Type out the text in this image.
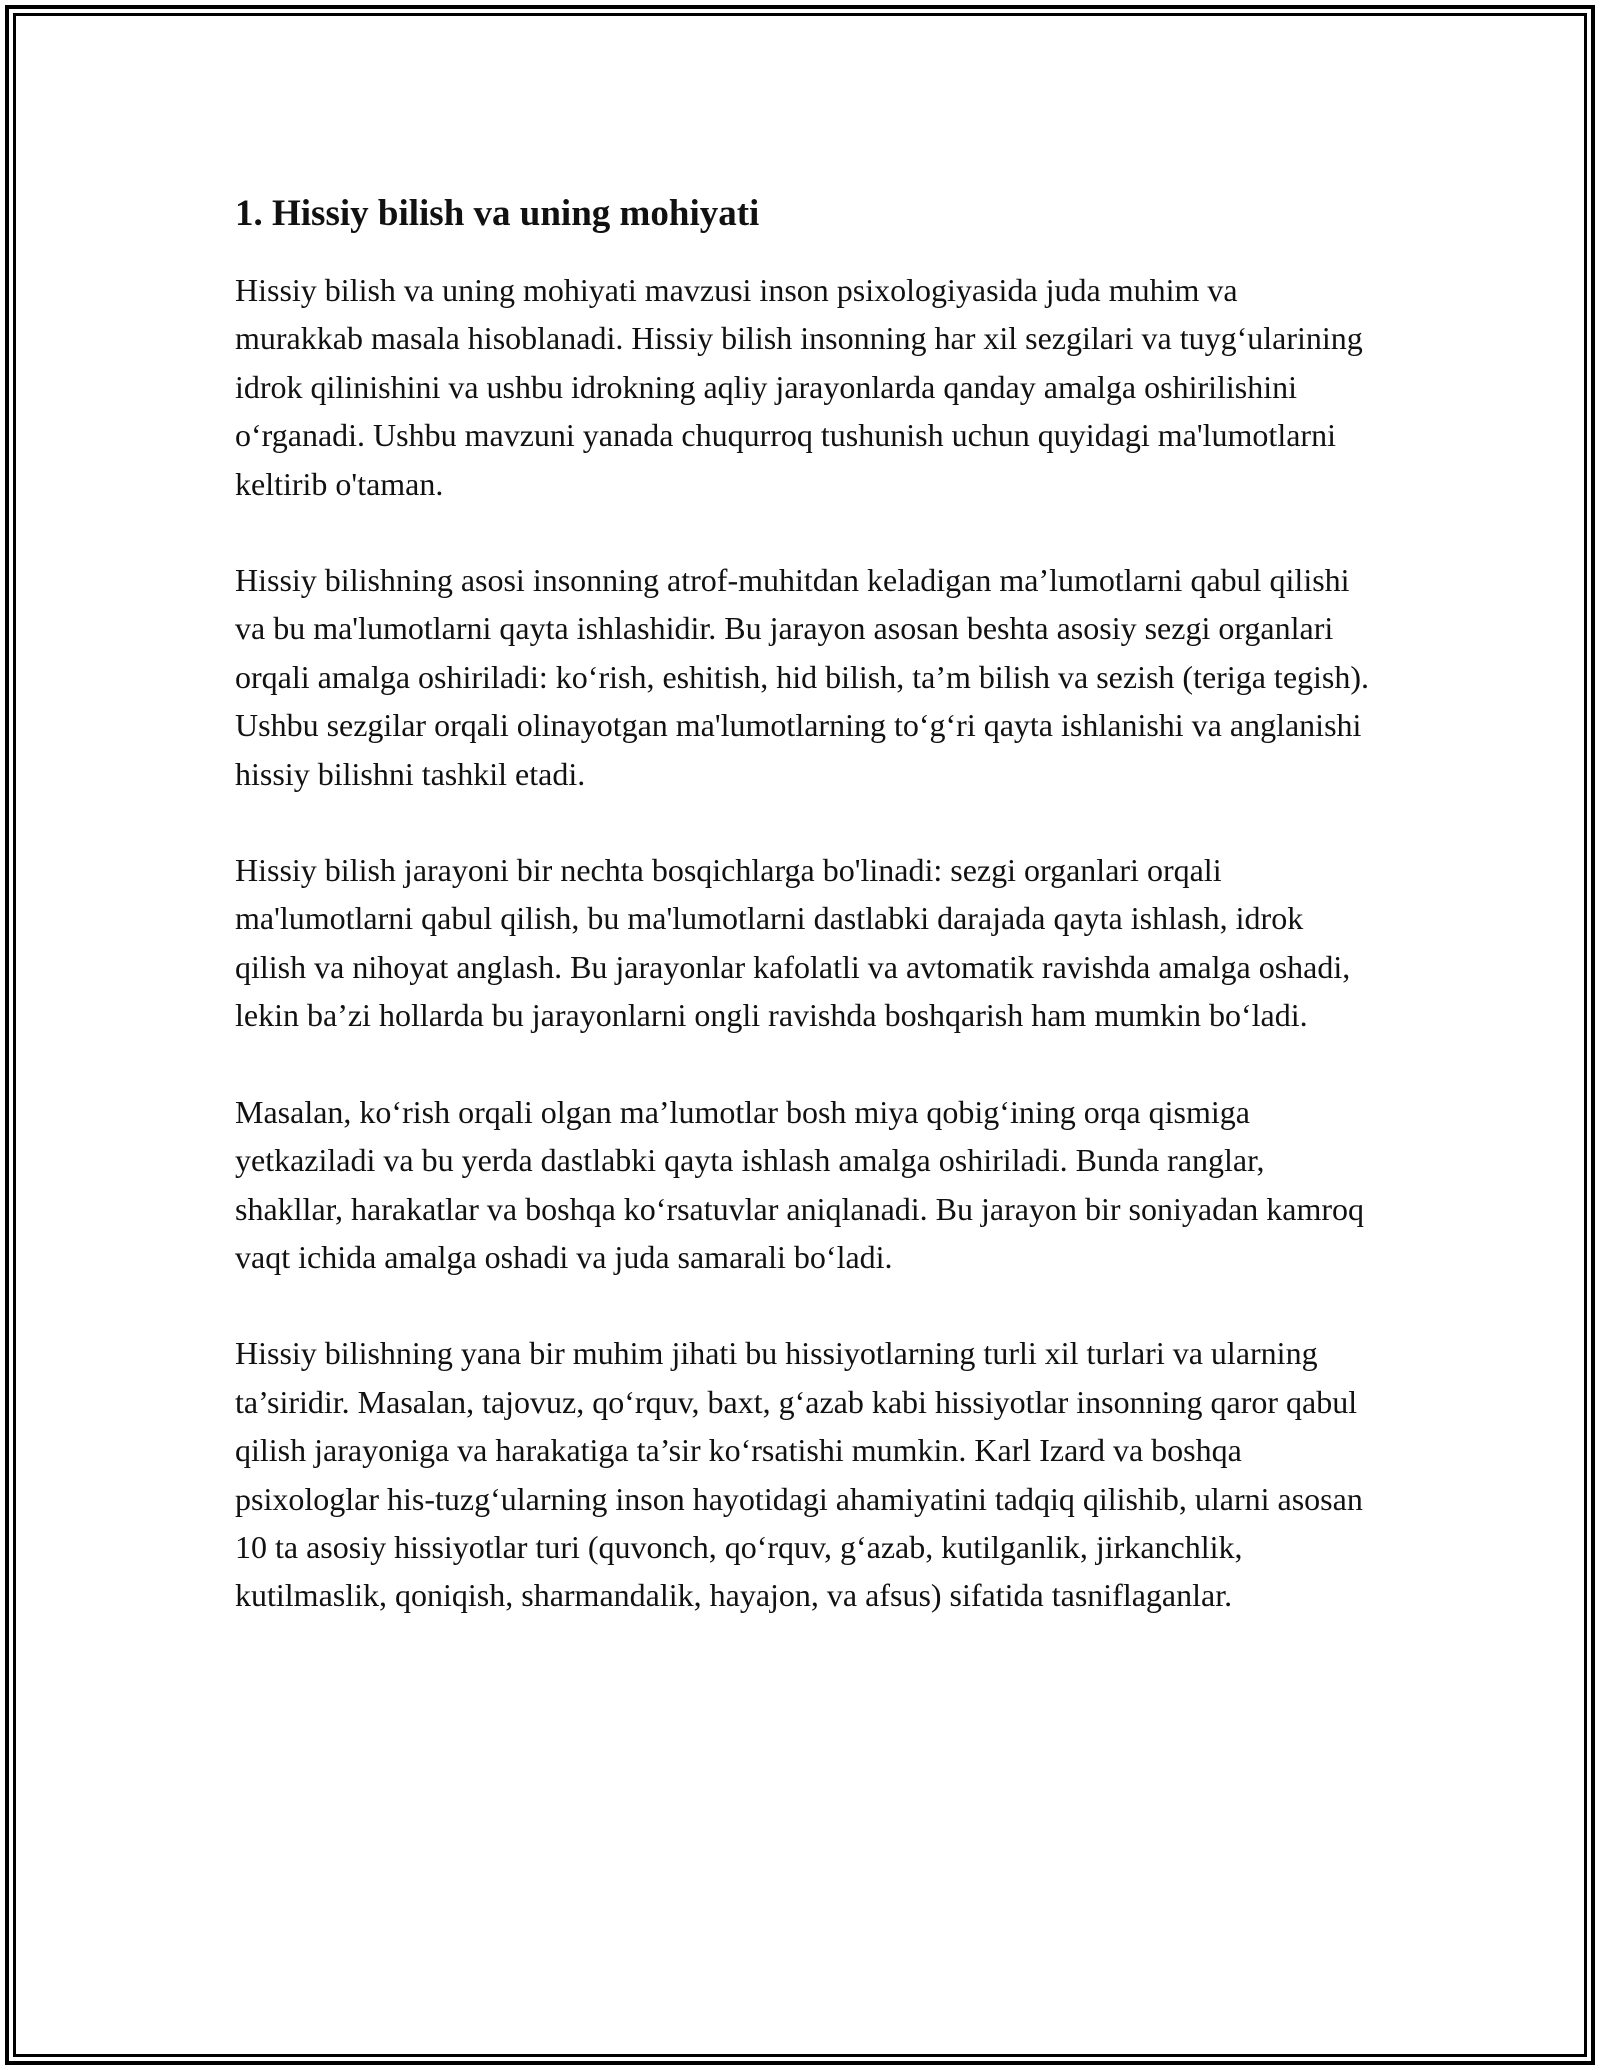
1. Hissiy bilish va uning mohiyati

Hissiy bilish va uning mohiyati mavzusi inson psixologiyasida juda muhim va murakkab masala hisoblanadi. Hissiy bilish insonning har xil sezgilari va tuyg‘ularining idrok qilinishini va ushbu idrokning aqliy jarayonlarda qanday amalga oshirilishini o‘rganadi. Ushbu mavzuni yanada chuqurroq tushunish uchun quyidagi ma'lumotlarni keltirib o'taman.

Hissiy bilishning asosi insonning atrof-muhitdan keladigan ma’lumotlarni qabul qilishi va bu ma'lumotlarni qayta ishlashidir. Bu jarayon asosan beshta asosiy sezgi organlari orqali amalga oshiriladi: ko‘rish, eshitish, hid bilish, ta’m bilish va sezish (teriga tegish). Ushbu sezgilar orqali olinayotgan ma'lumotlarning to‘g‘ri qayta ishlanishi va anglanishi hissiy bilishni tashkil etadi.

Hissiy bilish jarayoni bir nechta bosqichlarga bo'linadi: sezgi organlari orqali ma'lumotlarni qabul qilish, bu ma'lumotlarni dastlabki darajada qayta ishlash, idrok qilish va nihoyat anglash. Bu jarayonlar kafolatli va avtomatik ravishda amalga oshadi, lekin ba’zi hollarda bu jarayonlarni ongli ravishda boshqarish ham mumkin bo‘ladi.

Masalan, ko‘rish orqali olgan ma’lumotlar bosh miya qobig‘ining orqa qismiga yetkaziladi va bu yerda dastlabki qayta ishlash amalga oshiriladi. Bunda ranglar, shakllar, harakatlar va boshqa ko‘rsatuvlar aniqlanadi. Bu jarayon bir soniyadan kamroq vaqt ichida amalga oshadi va juda samarali bo‘ladi.

Hissiy bilishning yana bir muhim jihati bu hissiyotlarning turli xil turlari va ularning ta’siridir. Masalan, tajovuz, qo‘rquv, baxt, g‘azab kabi hissiyotlar insonning qaror qabul qilish jarayoniga va harakatiga ta’sir ko‘rsatishi mumkin. Karl Izard va boshqa psixologlar his-tuzg‘ularning inson hayotidagi ahamiyatini tadqiq qilishib, ularni asosan 10 ta asosiy hissiyotlar turi (quvonch, qo‘rquv, g‘azab, kutilganlik, jirkanchlik, kutilmaslik, qoniqish, sharmandalik, hayajon, va afsus) sifatida tasniflaganlar.
